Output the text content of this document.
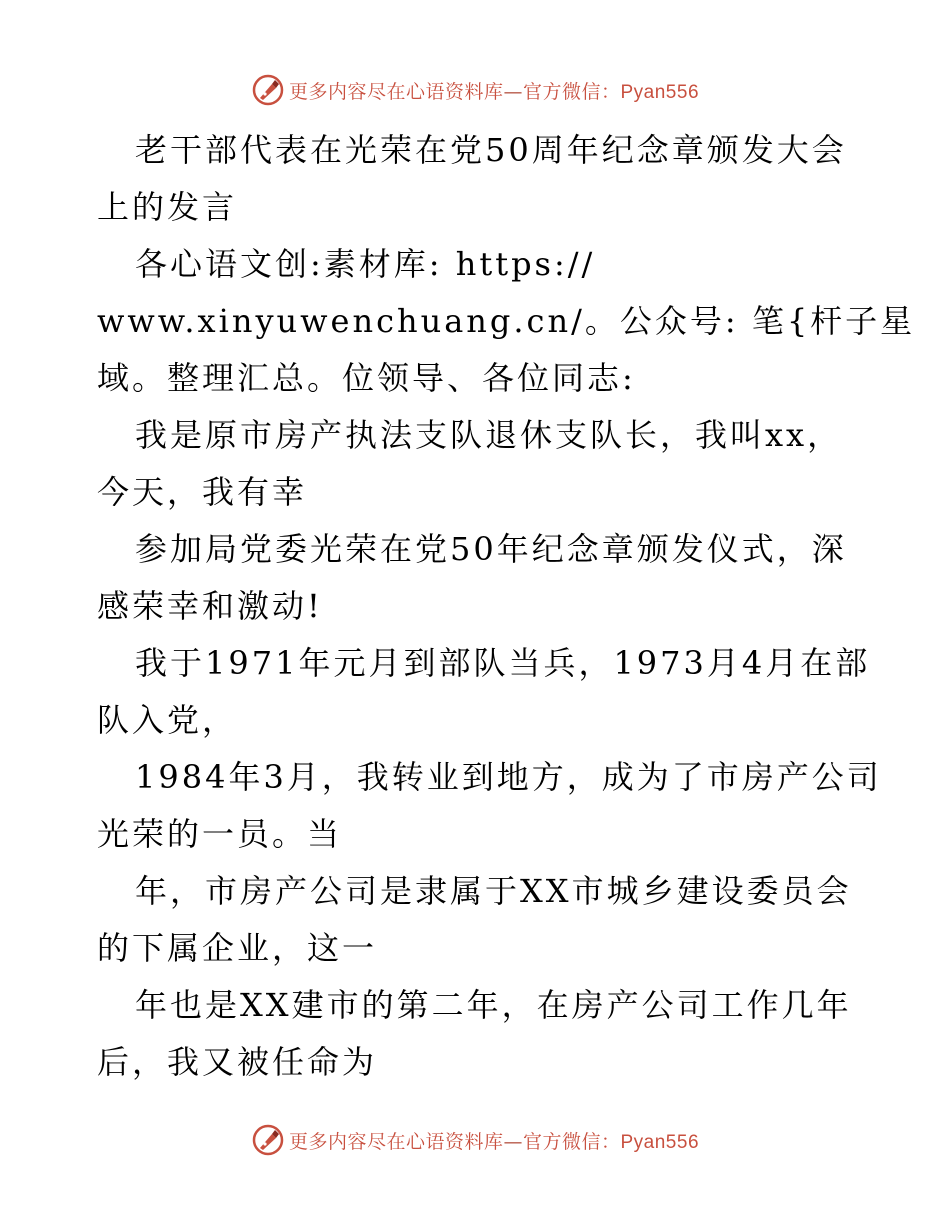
更多内容尽在心语资料库—官方微信：Pyan556

老干部代表在光荣在党50周年纪念章颁发大会
上的发言

各心语文创:素材库: https://
www.xinyuwenchuang.cn/。公众号: 笔{杆子星
域。整理汇总。位领导、各位同志:

我是原市房产执法支队退休支队长，我叫xx，
今天，我有幸

参加局党委光荣在党50年纪念章颁发仪式，深
感荣幸和激动!

我于1971年元月到部队当兵，1973月4月在部
队入党，

1984年3月，我转业到地方，成为了市房产公司
光荣的一员。当

年，市房产公司是隶属于XX市城乡建设委员会
的下属企业，这一

年也是XX建市的第二年，在房产公司工作几年
后，我又被任命为

更多内容尽在心语资料库—官方微信：Pyan556
